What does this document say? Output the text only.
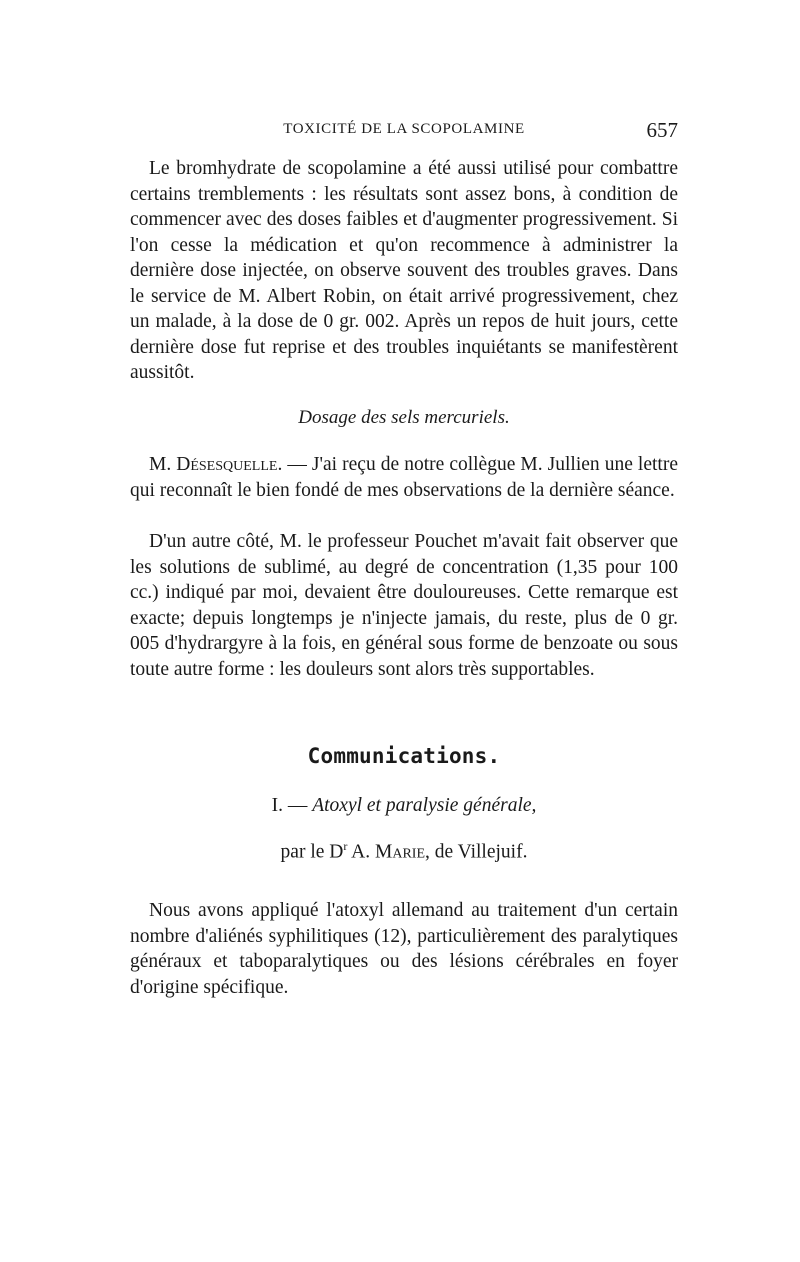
TOXICITÉ DE LA SCOPOLAMINE	657

Le bromhydrate de scopolamine a été aussi utilisé pour combattre certains tremblements : les résultats sont assez bons, à condition de commencer avec des doses faibles et d'augmenter progressivement. Si l'on cesse la médication et qu'on recommence à administrer la dernière dose injectée, on observe souvent des troubles graves. Dans le service de M. Albert Robin, on était arrivé progressivement, chez un malade, à la dose de 0 gr. 002. Après un repos de huit jours, cette dernière dose fut reprise et des troubles inquiétants se manifestèrent aussitôt.

Dosage des sels mercuriels.

M. Désesquelle. — J'ai reçu de notre collègue M. Jullien une lettre qui reconnaît le bien fondé de mes observations de la dernière séance.

D'un autre côté, M. le professeur Pouchet m'avait fait observer que les solutions de sublimé, au degré de concentration (1,35 pour 100 cc.) indiqué par moi, devaient être douloureuses. Cette remarque est exacte; depuis longtemps je n'injecte jamais, du reste, plus de 0 gr. 005 d'hydrargyre à la fois, en général sous forme de benzoate ou sous toute autre forme : les douleurs sont alors très supportables.

Communications.
I. — Atoxyl et paralysie générale,
par le $D^r$ A. Marie, de Villejuif.

Nous avons appliqué l'atoxyl allemand au traitement d'un certain nombre d'aliénés syphilitiques (12), particulièrement des paralytiques généraux et taboparalytiques ou des lésions cérébrales en foyer d'origine spécifique.
